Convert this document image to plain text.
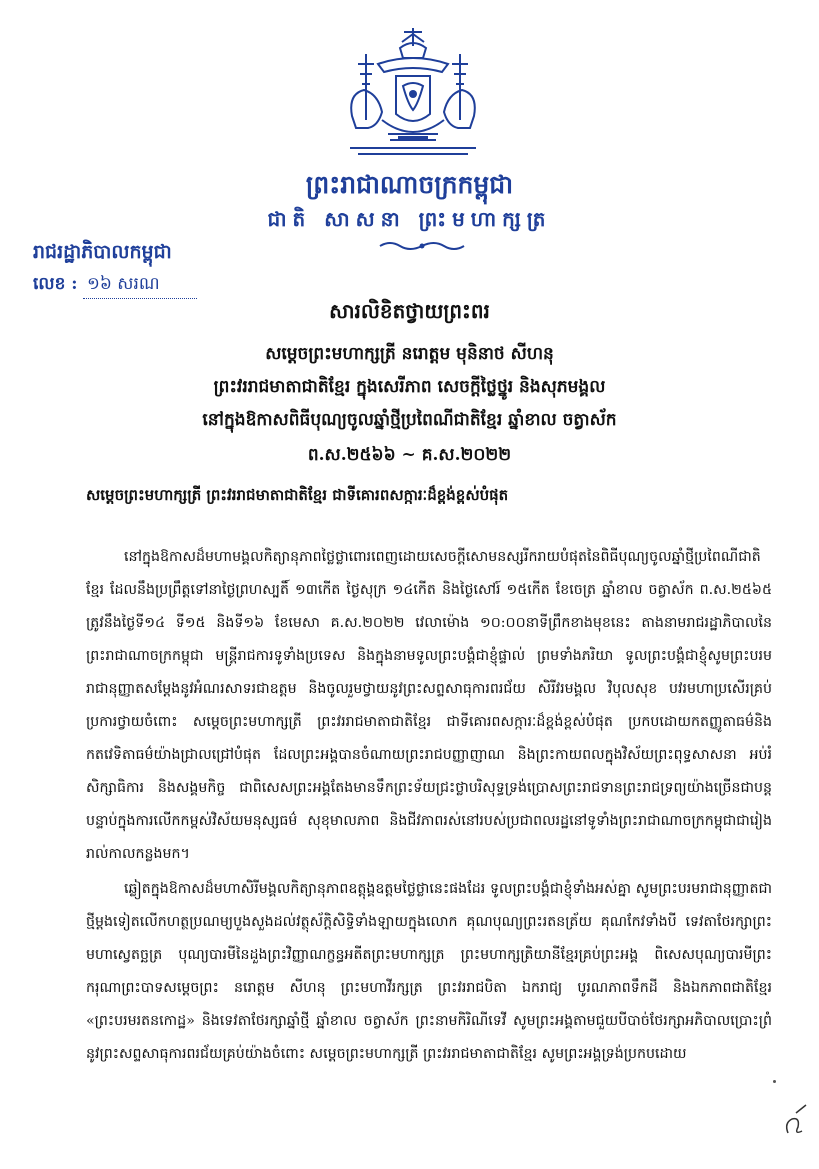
ព្រះរាជាណាចក្រកម្ពុជា
ជាតិ សាសនា ព្រះមហាក្សត្រ
រាជរដ្ឋាភិបាលកម្ពុជា
លេខ : ១៦ សរណ
សារលិខិតថ្វាយព្រះពរ
សម្តេចព្រះមហាក្សត្រី នរោត្តម មុនិនាថ សីហនុ
ព្រះវររាជមាតាជាតិខ្មែរ ក្នុងសេរីភាព សេចក្តីថ្លៃថ្នូរ និងសុភមង្គល
នៅក្នុងឱកាសពិធីបុណ្យចូលឆ្នាំថ្មីប្រពៃណីជាតិខ្មែរ ឆ្នាំខាល ចត្វាស័ក
ព.ស.២៥៦៦ ~ គ.ស.២០២២
សម្តេចព្រះមហាក្សត្រី ព្រះវររាជមាតាជាតិខ្មែរ ជាទីគោរពសក្ការៈដ៏ខ្ពង់ខ្ពស់បំផុត
នៅក្នុងឱកាសដ៏មហាមង្គលកិត្យានុភាពថ្លៃថ្លាពោរពេញដោយសេចក្តីសោមនស្សរីករាយបំផុតនៃពិធីបុណ្យចូលឆ្នាំថ្មីប្រពៃណីជាតិខ្មែរ ដែលនឹងប្រព្រឹត្តទៅនាថ្ងៃព្រហស្បតិ៍ ១៣កើត ថ្ងៃសុក្រ ១៤កើត និងថ្ងៃសៅរ៍ ១៥កើត ខែចេត្រ ឆ្នាំខាល ចត្វាស័ក ព.ស.២៥៦៥ ត្រូវនឹងថ្ងៃទី១៤ ទី១៥ និងទី១៦ ខែមេសា គ.ស.២០២២ វេលាម៉ោង ១០:០០នាទីព្រឹកខាងមុខនេះ តាងនាមរាជរដ្ឋាភិបាលនៃព្រះរាជាណាចក្រកម្ពុជា មន្ត្រីរាជការទូទាំងប្រទេស និងក្នុងនាមទូលព្រះបង្គំជាខ្ញុំផ្ទាល់ ព្រមទាំងភរិយា ទូលព្រះបង្គំជាខ្ញុំសូមព្រះបរមរាជានុញ្ញាតសម្តែងនូវអំណរសាទរជាឧត្តម និងចូលរួមថ្វាយនូវព្រះសព្ទសាធុការពរជ័យ សិរីវរមង្គល វិបុលសុខ បវរមហាប្រសើរគ្រប់ប្រការថ្វាយចំពោះ សម្តេចព្រះមហាក្សត្រី ព្រះវររាជមាតាជាតិខ្មែរ ជាទីគោរពសក្ការៈដ៏ខ្ពង់ខ្ពស់បំផុត ប្រកបដោយកតញ្ញូតាធម៌និងកតវេទិតាធម៌យ៉ាងជ្រាលជ្រៅបំផុត ដែលព្រះអង្គបានចំណាយព្រះរាជបញ្ញាញាណ និងព្រះកាយពលក្នុងវិស័យព្រះពុទ្ធសាសនា អប់រំសិក្សាធិការ និងសង្គមកិច្ច ជាពិសេសព្រះអង្គតែងមានទឹកព្រះទ័យជ្រះថ្លាបរិសុទ្ធទ្រង់ប្រោសព្រះរាជទានព្រះរាជទ្រព្យយ៉ាងច្រើនជាបន្តបន្ទាប់ក្នុងការលើកកម្ពស់វិស័យមនុស្សធម៌ សុខុមាលភាព និងជីវភាពរស់នៅរបស់ប្រជាពលរដ្ឋនៅទូទាំងព្រះរាជាណាចក្រកម្ពុជាជារៀងរាល់កាលកន្លងមក។
ឆ្លៀតក្នុងឱកាសដ៏មហាសិរីមង្គលកិត្យានុភាពឧត្តុង្គឧត្តមថ្លៃថ្លានេះផងដែរ ទូលព្រះបង្គំជាខ្ញុំទាំងអស់គ្នា សូមព្រះបរមរាជានុញ្ញាតជាថ្មីម្តងទៀតលើកហត្ថប្រណម្យបួងសួងដល់វត្ថុស័ក្តិសិទ្ធិទាំងឡាយក្នុងលោក គុណបុណ្យព្រះរតនត្រ័យ គុណកែវទាំងបី ទេវតាថែរក្សាព្រះមហាស្វេតច្ឆត្រ បុណ្យបារមីនៃដួងព្រះវិញ្ញាណក្ខន្ធអតីតព្រះមហាក្សត្រ ព្រះមហាក្សត្រិយានីខ្មែរគ្រប់ព្រះអង្គ ពិសេសបុណ្យបារមីព្រះករុណាព្រះបាទសម្តេចព្រះ នរោត្តម សីហនុ ព្រះមហាវីរក្សត្រ ព្រះវររាជបិតា ឯករាជ្យ បូរណភាពទឹកដី និងឯកភាពជាតិខ្មែរ «ព្រះបរមរតនកោដ្ឋ» និងទេវតាថែរក្សាឆ្នាំថ្មី ឆ្នាំខាល ចត្វាស័ក ព្រះនាមកិរិណីទេវី សូមព្រះអង្គតាមជួយបីបាច់ថែរក្សាអភិបាលប្រោះព្រំនូវព្រះសព្ទសាធុការពរជ័យគ្រប់យ៉ាងចំពោះ សម្តេចព្រះមហាក្សត្រី ព្រះវររាជមាតាជាតិខ្មែរ សូមព្រះអង្គទ្រង់ប្រកបដោយ
